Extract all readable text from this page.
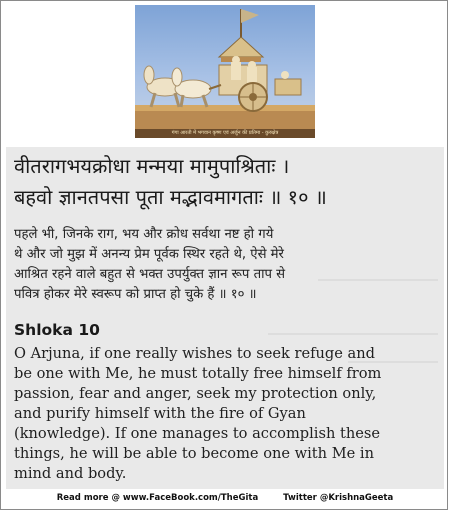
गंगा आरती में भगवान कृष्ण एवं अर्जुन की प्रतिमा - कुरुक्षेत्र
वीतरागभयक्रोधा मन्मया मामुपाश्रिताः ।
बहवो ज्ञानतपसा पूता मद्भावमागताः ॥ १० ॥
पहले भी, जिनके राग, भय और क्रोध सर्वथा नष्ट हो गये
थे और जो मुझ में अनन्य प्रेम पूर्वक स्थिर रहते थे, ऐसे मेरे
आश्रित रहने वाले बहुत से भक्त उपर्युक्त ज्ञान रूप ताप से
पवित्र होकर मेरे स्वरूप को प्राप्त हो चुके हैं ॥ १० ॥
Shloka 10
O Arjuna, if one really wishes to seek refuge and
be one with Me, he must totally free himself from
passion, fear and anger, seek my protection only,
and purify himself with the fire of Gyan
(knowledge). If one manages to accomplish these
things, he will be able to become one with Me in
mind and body.
Read more @ www.FaceBook.com/TheGita	Twitter @KrishnaGeeta
